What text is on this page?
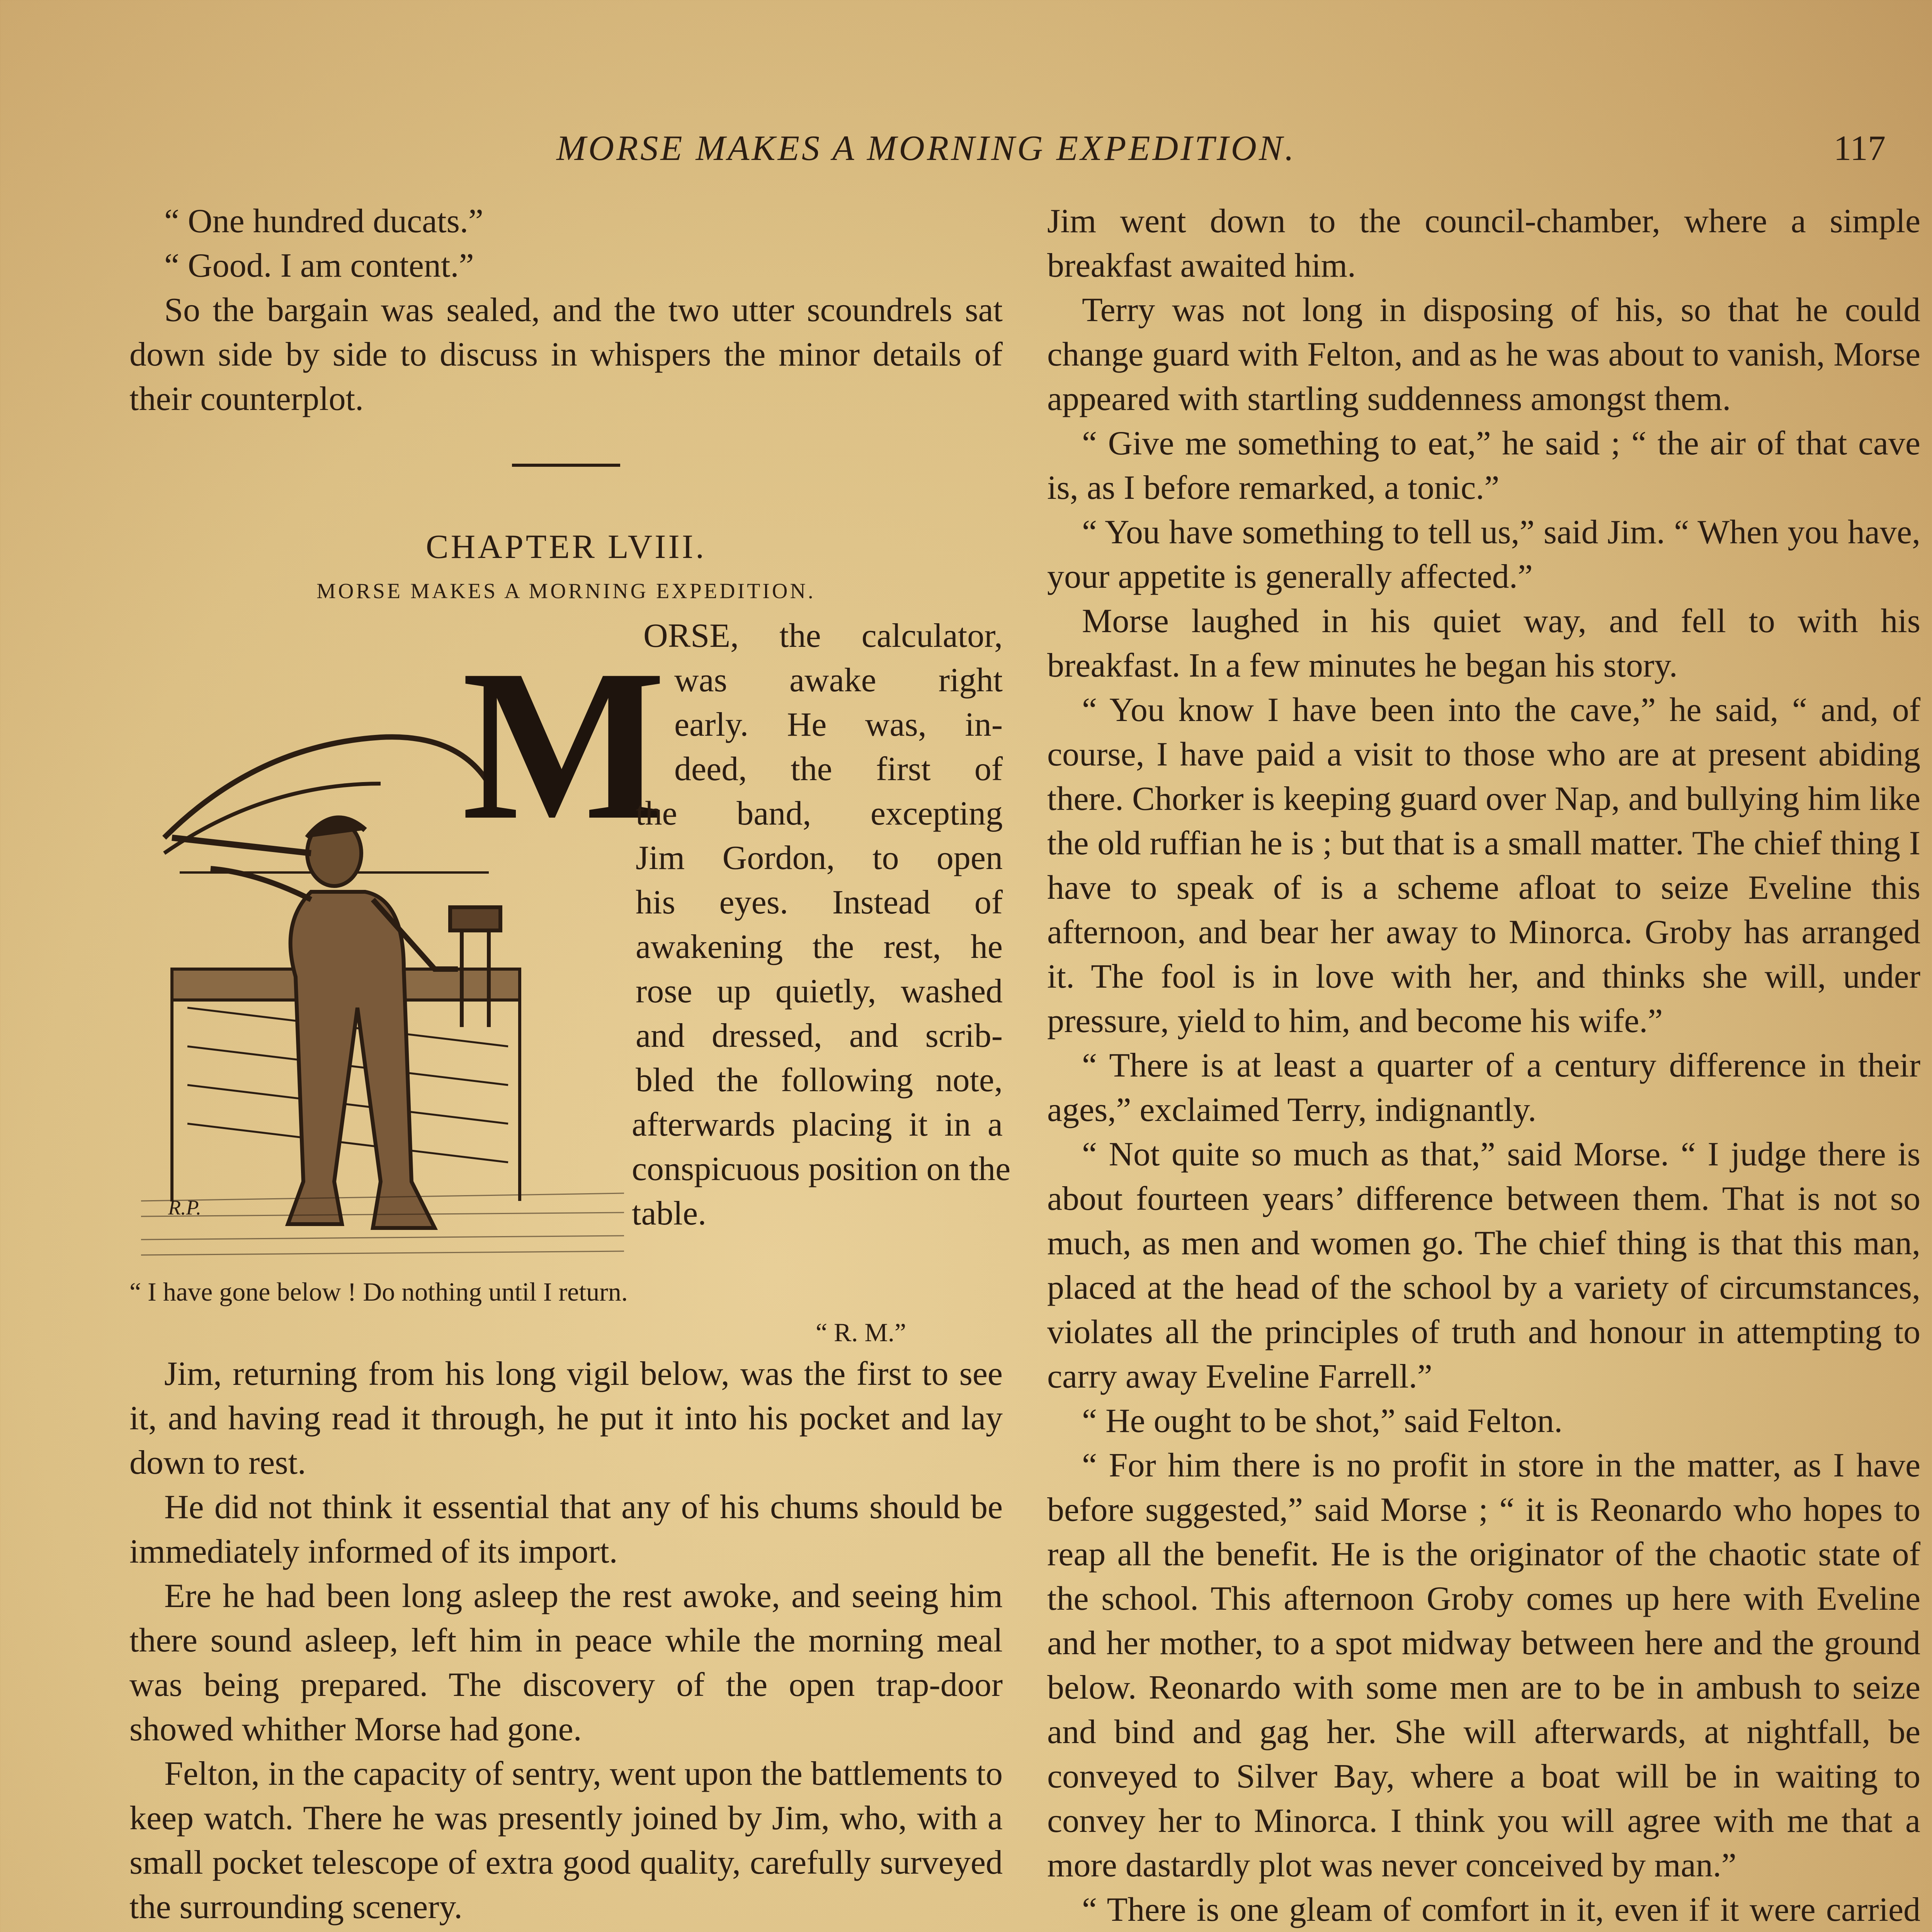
MORSE MAKES A MORNING EXPEDITION.	117

“ One hundred ducats.”

“ Good. I am content.”

So the bargain was sealed, and the two utter scoundrels sat down side by side to discuss in whispers the minor details of their counterplot.

CHAPTER LVIII.

MORSE MAKES A MORNING EXPEDITION.

R.P.
M
ORSE, the calculator,
was awake right
early. He was, in-
deed, the first of
the band, excepting
Jim Gordon, to open
his eyes. Instead of
awakening the rest, he
rose up quietly, washed
and dressed, and scrib-
bled the following note,
afterwards placing it in a
conspicuous position on the
table.

“ I have gone below ! Do nothing until I return.

“ R. M.”

Jim, returning from his long vigil below, was the first to see it, and having read it through, he put it into his pocket and lay down to rest.

He did not think it essential that any of his chums should be immediately informed of its import.

Ere he had been long asleep the rest awoke, and seeing him there sound asleep, left him in peace while the morning meal was being prepared. The discovery of the open trap-door showed whither Morse had gone.

Felton, in the capacity of sentry, went upon the battlements to keep watch. There he was presently joined by Jim, who, with a small pocket telescope of extra good quality, carefully surveyed the surrounding scenery.

Jim went down to the council-chamber, where a simple breakfast awaited him.

Terry was not long in disposing of his, so that he could change guard with Felton, and as he was about to vanish, Morse appeared with startling suddenness amongst them.

“ Give me something to eat,” he said ; “ the air of that cave is, as I before remarked, a tonic.”

“ You have something to tell us,” said Jim. “ When you have, your appetite is generally affected.”

Morse laughed in his quiet way, and fell to with his breakfast. In a few minutes he began his story.

“ You know I have been into the cave,” he said, “ and, of course, I have paid a visit to those who are at present abiding there. Chorker is keeping guard over Nap, and bullying him like the old ruffian he is ; but that is a small matter. The chief thing I have to speak of is a scheme afloat to seize Eveline this afternoon, and bear her away to Minorca. Groby has arranged it. The fool is in love with her, and thinks she will, under pressure, yield to him, and become his wife.”

“ There is at least a quarter of a century difference in their ages,” exclaimed Terry, indignantly.

“ Not quite so much as that,” said Morse. “ I judge there is about fourteen years’ difference between them. That is not so much, as men and women go. The chief thing is that this man, placed at the head of the school by a variety of circumstances, violates all the principles of truth and honour in attempting to carry away Eveline Farrell.”

“ He ought to be shot,” said Felton.

“ For him there is no profit in store in the matter, as I have before suggested,” said Morse ; “ it is Reonardo who hopes to reap all the benefit. He is the originator of the chaotic state of the school. This afternoon Groby comes up here with Eveline and her mother, to a spot midway between here and the ground below. Reonardo with some men are to be in ambush to seize and bind and gag her. She will afterwards, at nightfall, be conveyed to Silver Bay, where a boat will be in waiting to convey her to Minorca. I think you will agree with me that a more dastardly plot was never conceived by man.”

“ There is one gleam of comfort in it, even if it were carried
